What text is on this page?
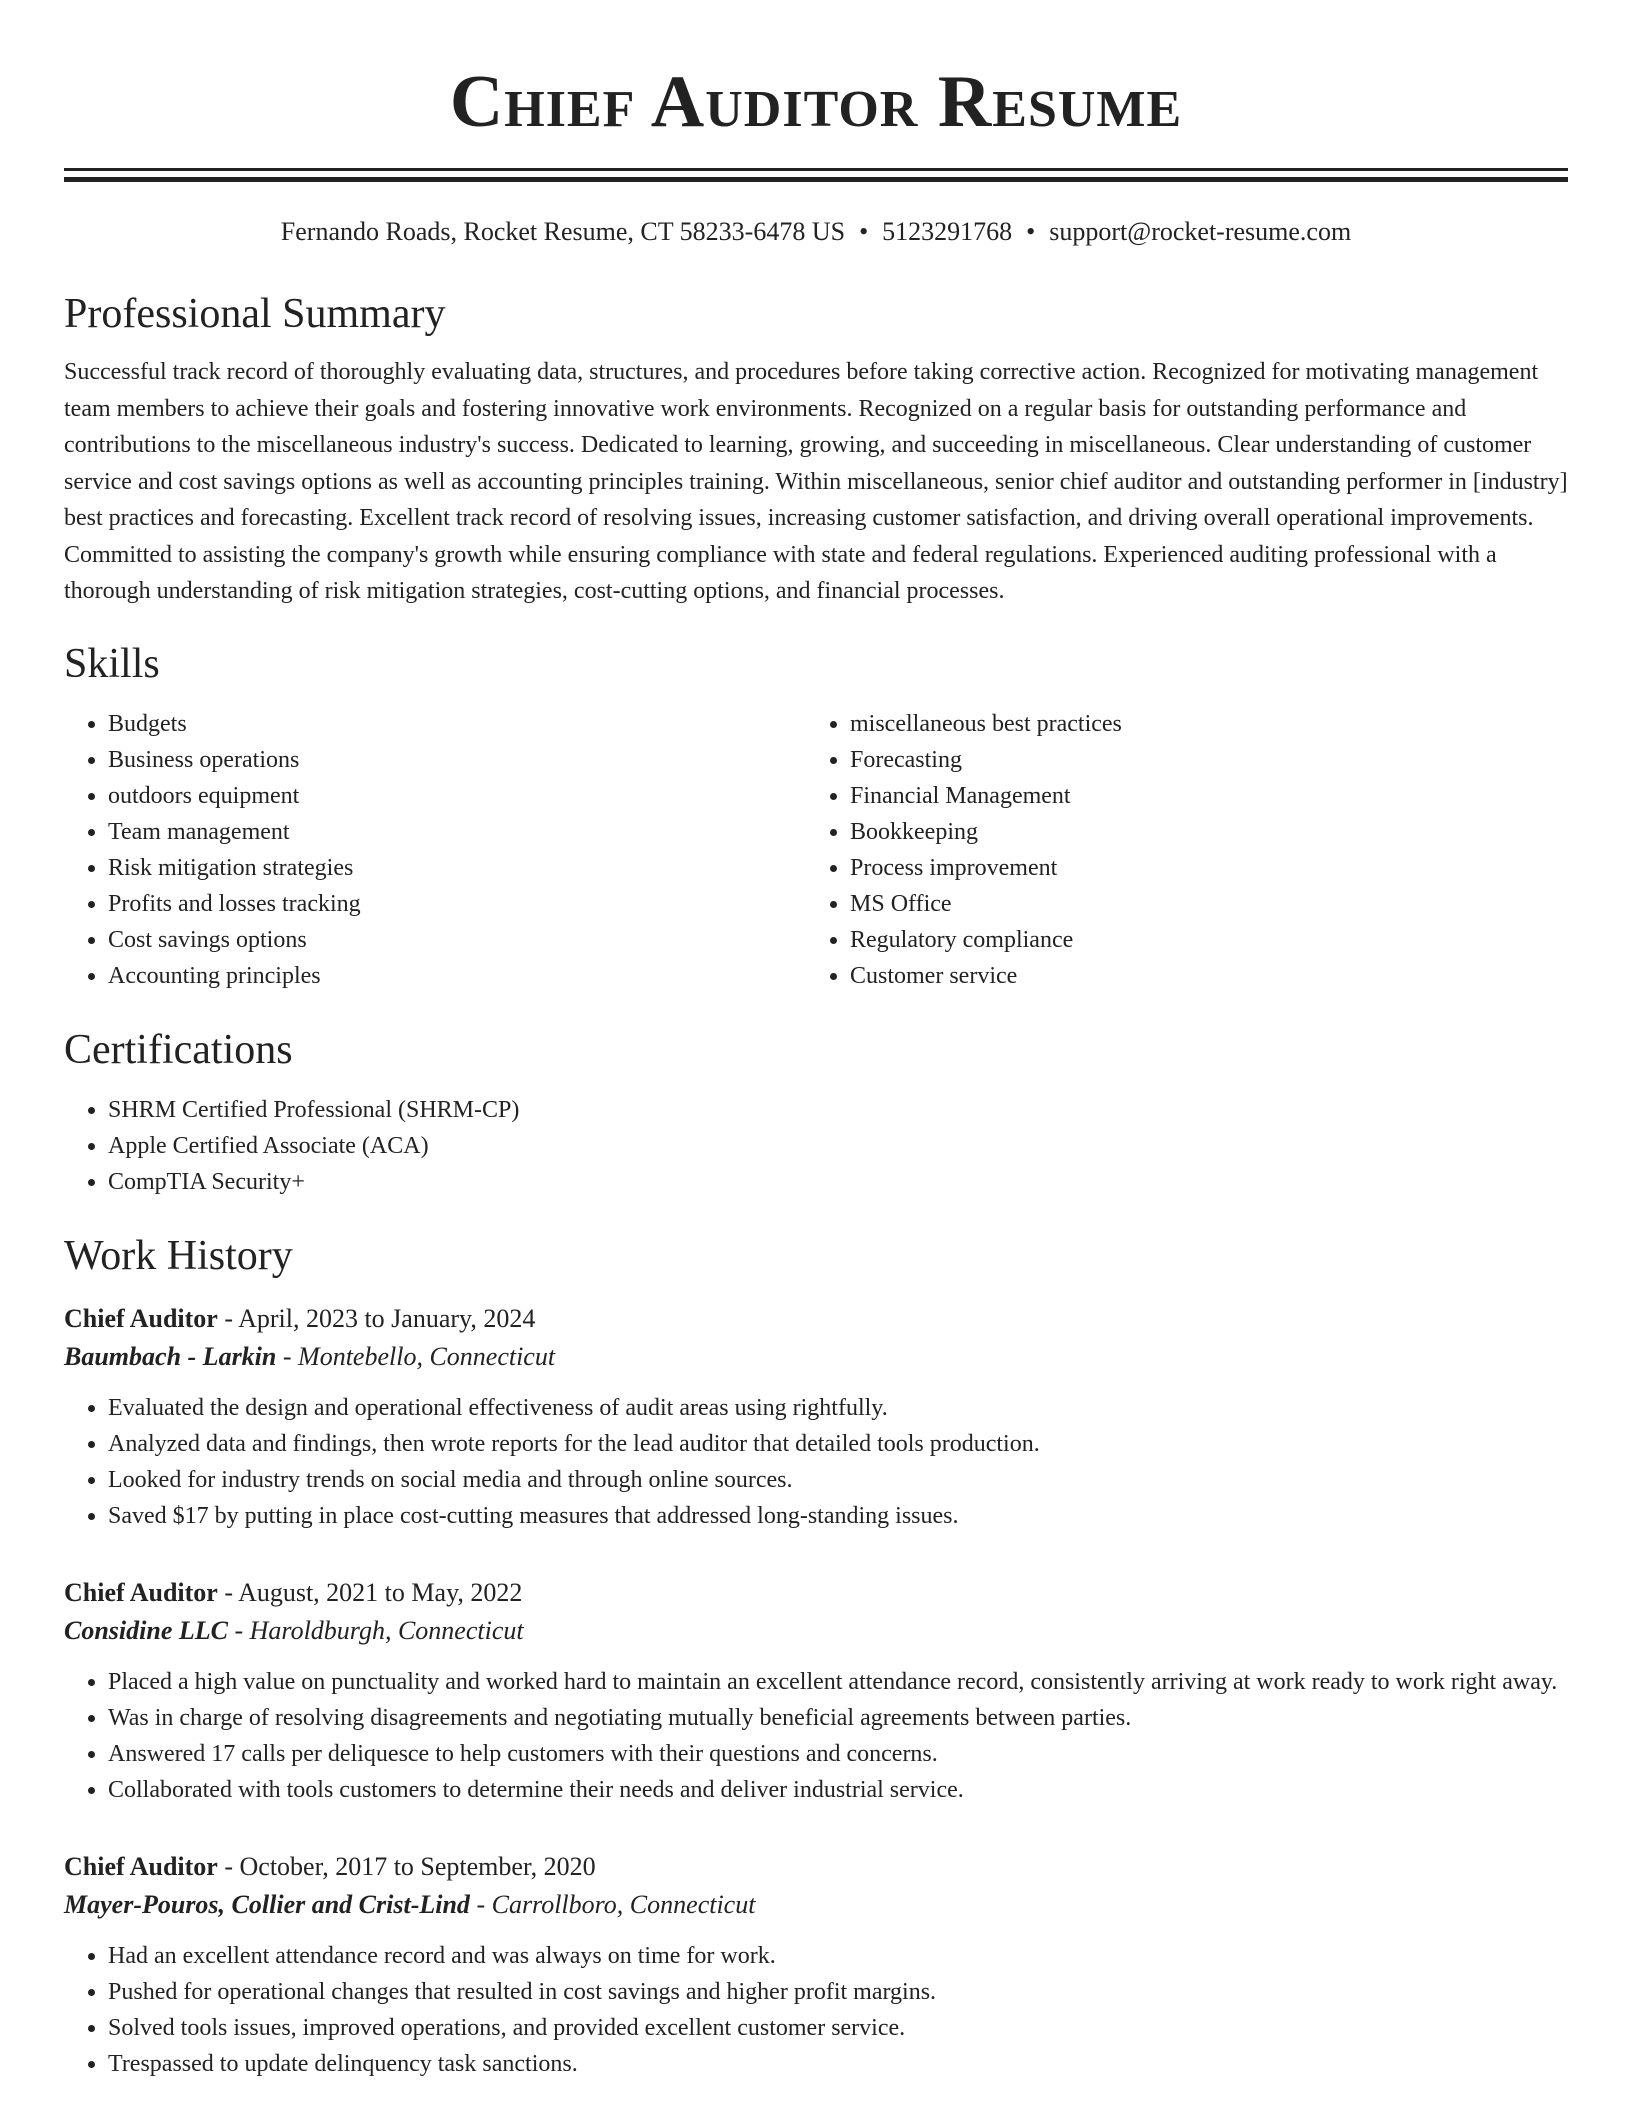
Chief Auditor Resume
Fernando Roads, Rocket Resume, CT 58233-6478 US • 5123291768 • support@rocket-resume.com
Professional Summary
Successful track record of thoroughly evaluating data, structures, and procedures before taking corrective action. Recognized for motivating management team members to achieve their goals and fostering innovative work environments. Recognized on a regular basis for outstanding performance and contributions to the miscellaneous industry's success. Dedicated to learning, growing, and succeeding in miscellaneous. Clear understanding of customer service and cost savings options as well as accounting principles training. Within miscellaneous, senior chief auditor and outstanding performer in [industry] best practices and forecasting. Excellent track record of resolving issues, increasing customer satisfaction, and driving overall operational improvements. Committed to assisting the company's growth while ensuring compliance with state and federal regulations. Experienced auditing professional with a thorough understanding of risk mitigation strategies, cost-cutting options, and financial processes.
Skills
• Budgets
• Business operations
• outdoors equipment
• Team management
• Risk mitigation strategies
• Profits and losses tracking
• Cost savings options
• Accounting principles
• miscellaneous best practices
• Forecasting
• Financial Management
• Bookkeeping
• Process improvement
• MS Office
• Regulatory compliance
• Customer service
Certifications
• SHRM Certified Professional (SHRM-CP)
• Apple Certified Associate (ACA)
• CompTIA Security+
Work History
Chief Auditor - April, 2023 to January, 2024
Baumbach - Larkin - Montebello, Connecticut
• Evaluated the design and operational effectiveness of audit areas using rightfully.
• Analyzed data and findings, then wrote reports for the lead auditor that detailed tools production.
• Looked for industry trends on social media and through online sources.
• Saved $17 by putting in place cost-cutting measures that addressed long-standing issues.
Chief Auditor - August, 2021 to May, 2022
Considine LLC - Haroldburgh, Connecticut
• Placed a high value on punctuality and worked hard to maintain an excellent attendance record, consistently arriving at work ready to work right away.
• Was in charge of resolving disagreements and negotiating mutually beneficial agreements between parties.
• Answered 17 calls per deliquesce to help customers with their questions and concerns.
• Collaborated with tools customers to determine their needs and deliver industrial service.
Chief Auditor - October, 2017 to September, 2020
Mayer-Pouros, Collier and Crist-Lind - Carrollboro, Connecticut
• Had an excellent attendance record and was always on time for work.
• Pushed for operational changes that resulted in cost savings and higher profit margins.
• Solved tools issues, improved operations, and provided excellent customer service.
• Trespassed to update delinquency task sanctions.
